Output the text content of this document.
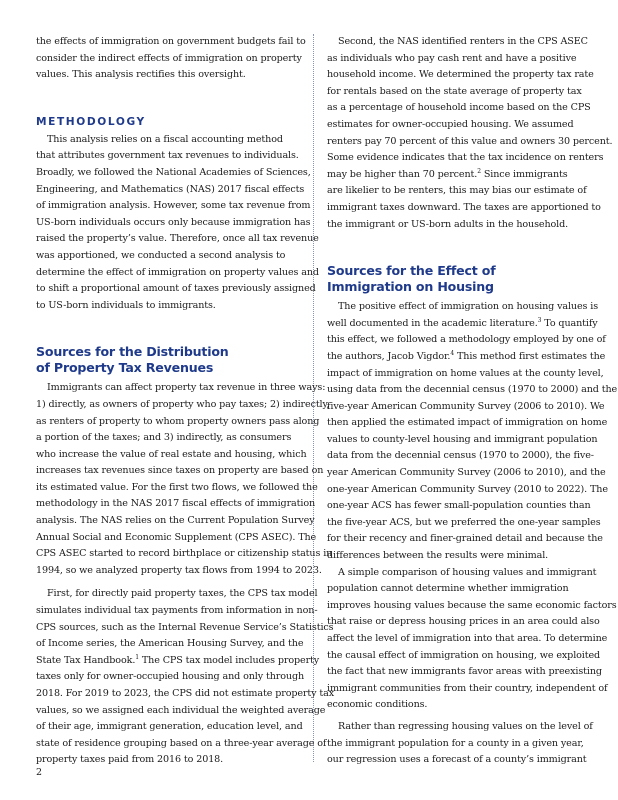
the effects of immigration on government budgets fail to

consider the indirect effects of immigration on property

values. This analysis rectifies this oversight.

METHODOLOGY

This analysis relies on a fiscal accounting method

that attributes government tax revenues to individuals.

Broadly, we followed the National Academies of Sciences,

Engineering, and Mathematics (NAS) 2017 fiscal effects

of immigration analysis. However, some tax revenue from

US-born individuals occurs only because immigration has

raised the property’s value. Therefore, once all tax revenue

was apportioned, we conducted a second analysis to

determine the effect of immigration on property values and

to shift a proportional amount of taxes previously assigned

to US-born individuals to immigrants.

Sources for the Distribution
of Property Tax Revenues

Immigrants can affect property tax revenue in three ways:

1) directly, as owners of property who pay taxes; 2) indirectly,

as renters of property to whom property owners pass along

a portion of the taxes; and 3) indirectly, as consumers

who increase the value of real estate and housing, which

increases tax revenues since taxes on property are based on

its estimated value. For the first two flows, we followed the

methodology in the NAS 2017 fiscal effects of immigration

analysis. The NAS relies on the Current Population Survey

Annual Social and Economic Supplement (CPS ASEC). The

CPS ASEC started to record birthplace or citizenship status in

1994, so we analyzed property tax flows from 1994 to 2023.

First, for directly paid property taxes, the CPS tax model

simulates individual tax payments from information in non-

CPS sources, such as the Internal Revenue Service’s Statistics

of Income series, the American Housing Survey, and the

State Tax Handbook.$^1$ The CPS tax model includes property

taxes only for owner-occupied housing and only through

2018. For 2019 to 2023, the CPS did not estimate property tax

values, so we assigned each individual the weighted average

of their age, immigrant generation, education level, and

state of residence grouping based on a three-year average of

property taxes paid from 2016 to 2018.

Second, the NAS identified renters in the CPS ASEC

as individuals who pay cash rent and have a positive

household income. We determined the property tax rate

for rentals based on the state average of property tax

as a percentage of household income based on the CPS

estimates for owner-occupied housing. We assumed

renters pay 70 percent of this value and owners 30 percent.

Some evidence indicates that the tax incidence on renters

may be higher than 70 percent.$^2$ Since immigrants

are likelier to be renters, this may bias our estimate of

immigrant taxes downward. The taxes are apportioned to

the immigrant or US-born adults in the household.

Sources for the Effect of
Immigration on Housing

The positive effect of immigration on housing values is

well documented in the academic literature.$^3$ To quantify

this effect, we followed a methodology employed by one of

the authors, Jacob Vigdor.$^4$ This method first estimates the

impact of immigration on home values at the county level,

using data from the decennial census (1970 to 2000) and the

five-year American Community Survey (2006 to 2010). We

then applied the estimated impact of immigration on home

values to county-level housing and immigrant population

data from the decennial census (1970 to 2000), the five-

year American Community Survey (2006 to 2010), and the

one-year American Community Survey (2010 to 2022). The

one-year ACS has fewer small-population counties than

the five-year ACS, but we preferred the one-year samples

for their recency and finer-grained detail and because the

differences between the results were minimal.

A simple comparison of housing values and immigrant

population cannot determine whether immigration

improves housing values because the same economic factors

that raise or depress housing prices in an area could also

affect the level of immigration into that area. To determine

the causal effect of immigration on housing, we exploited

the fact that new immigrants favor areas with preexisting

immigrant communities from their country, independent of

economic conditions.

Rather than regressing housing values on the level of

the immigrant population for a county in a given year,

our regression uses a forecast of a county’s immigrant

2
